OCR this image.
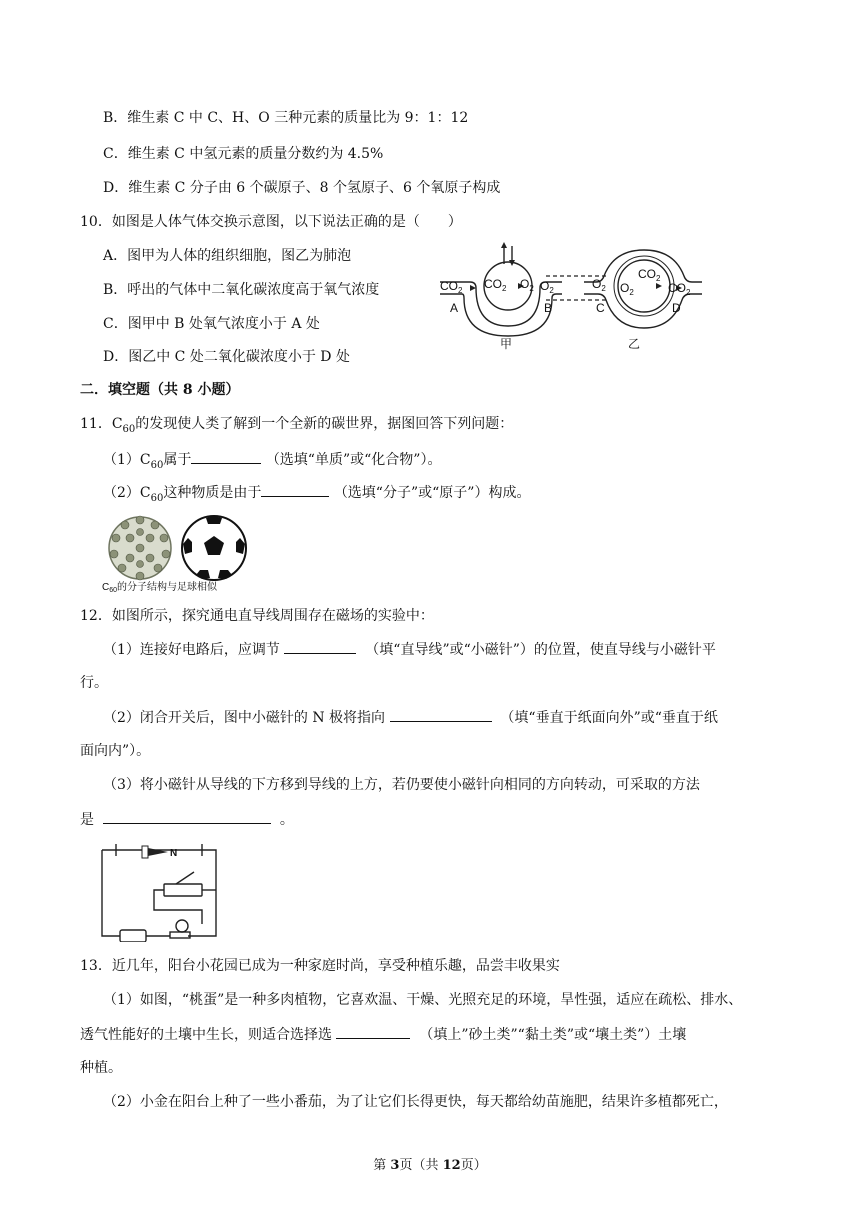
B．维生素 C 中 C、H、O 三种元素的质量比为 9：1：12
C．维生素 C 中氢元素的质量分数约为 4.5%
D．维生素 C 分子由 6 个碳原子、8 个氢原子、6 个氧原子构成
10．如图是人体气体交换示意图，以下说法正确的是（　　）
A．图甲为人体的组织细胞，图乙为肺泡
B．呼出的气体中二氧化碳浓度高于氧气浓度
C．图甲中 B 处氧气浓度小于 A 处
D．图乙中 C 处二氧化碳浓度小于 D 处
$CO_2$ $CO_2$ $O_2$ $O_2$	$O_2$ $O_2$
$CO_2$
$CO_2$
A	B	C	D
甲	乙
二．填空题（共 8 小题）
11．$C_{60}$的发现使人类了解到一个全新的碳世界，据图回答下列问题：
$(1)C_{60}$属于	（选填“单质”或“化合物”）。
$(2)C_{60}$这种物质是由于	（选填“分子”或“原子”）构成。
$C_{60}$的分子结构与足球相似
12．如图所示，探究通电直导线周围存在磁场的实验中：
（1）连接好电路后，应调节	（填“直导线”或“小磁针”）的位置，使直导线与小磁针平
行。
（2）闭合开关后，图中小磁针的 N 极将指向	（填“垂直于纸面向外”或“垂直于纸
面向内”）。
（3）将小磁针从导线的下方移到导线的上方，若仍要使小磁针向相同的方向转动，可采取的方法
是	。
N
13．近几年，阳台小花园已成为一种家庭时尚，享受种植乐趣，品尝丰收果实
（1）如图，“桃蛋”是一种多肉植物，它喜欢温、干燥、光照充足的环境，旱性强，适应在疏松、排水、
透气性能好的土壤中生长，则适合选择选	（填上”砂土类”“黏土类”或“壤土类”）土壤
种植。
（2）小金在阳台上种了一些小番茄，为了让它们长得更快，每天都给幼苗施肥，结果许多植都死亡，
第 3页（共 12页）
